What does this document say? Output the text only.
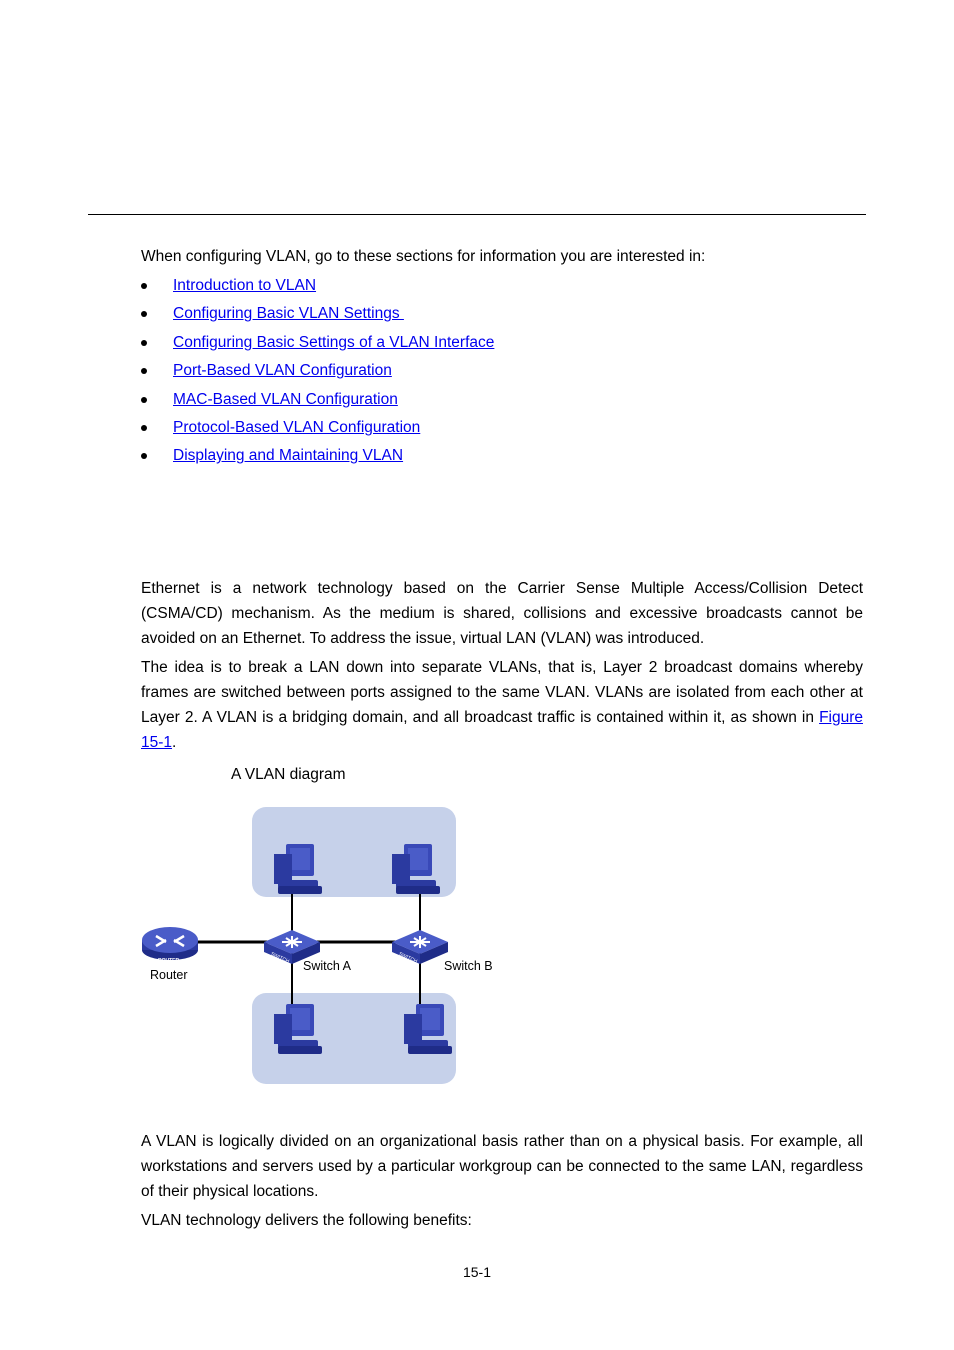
When configuring VLAN, go to these sections for information you are interested in:

Introduction to VLAN
Configuring Basic VLAN Settings
Configuring Basic Settings of a VLAN Interface
Port-Based VLAN Configuration
MAC-Based VLAN Configuration
Protocol-Based VLAN Configuration
Displaying and Maintaining VLAN

Ethernet is a network technology based on the Carrier Sense Multiple Access/Collision Detect (CSMA/CD) mechanism. As the medium is shared, collisions and excessive broadcasts cannot be avoided on an Ethernet. To address the issue, virtual LAN (VLAN) was introduced.

The idea is to break a LAN down into separate VLANs, that is, Layer 2 broadcast domains whereby frames are switched between ports assigned to the same VLAN. VLANs are isolated from each other at Layer 2. A VLAN is a bridging domain, and all broadcast traffic is contained within it, as shown in Figure 15-1.

A VLAN diagram
ROUTER	SWITCH	SWITCH
Router
Switch A	Switch B

A VLAN is logically divided on an organizational basis rather than on a physical basis. For example, all workstations and servers used by a particular workgroup can be connected to the same LAN, regardless of their physical locations.

VLAN technology delivers the following benefits:

15-1
